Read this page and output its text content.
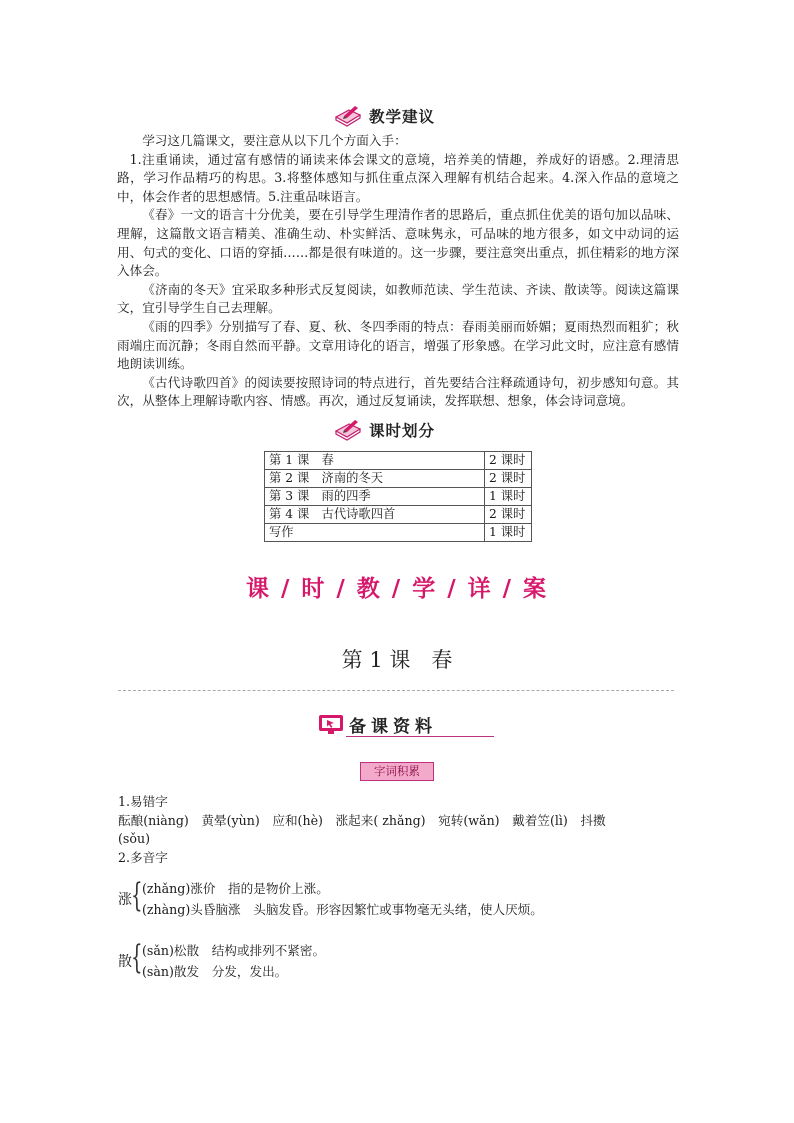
教学建议

学习这几篇课文，要注意从以下几个方面入手：

1.注重诵读，通过富有感情的诵读来体会课文的意境，培养美的情趣，养成好的语感。2.理清思路，学习作品精巧的构思。3.将整体感知与抓住重点深入理解有机结合起来。4.深入作品的意境之中，体会作者的思想感情。5.注重品味语言。

《春》一文的语言十分优美，要在引导学生理清作者的思路后，重点抓住优美的语句加以品味、理解，这篇散文语言精美、准确生动、朴实鲜活、意味隽永，可品味的地方很多，如文中动词的运用、句式的变化、口语的穿插……都是很有味道的。这一步骤，要注意突出重点，抓住精彩的地方深入体会。

《济南的冬天》宜采取多种形式反复阅读，如教师范读、学生范读、齐读、散读等。阅读这篇课文，宜引导学生自己去理解。

《雨的四季》分别描写了春、夏、秋、冬四季雨的特点：春雨美丽而娇媚；夏雨热烈而粗犷；秋雨端庄而沉静；冬雨自然而平静。文章用诗化的语言，增强了形象感。在学习此文时，应注意有感情地朗读训练。

《古代诗歌四首》的阅读要按照诗词的特点进行，首先要结合注释疏通诗句，初步感知句意。其次，从整体上理解诗歌内容、情感。再次，通过反复诵读，发挥联想、想象，体会诗词意境。

课时划分
第 1 课　春	2 课时
第 2 课　济南的冬天	2 课时
第 3 课　雨的四季	1 课时
第 4 课　古代诗歌四首	2 课时
写作	1 课时
课 / 时 / 教 / 学 / 详 / 案
第 1 课　春
备课资料
字词积累
1.易错字
酝酿(niàng)　黄晕(yùn)　应和(hè)　涨起来( zhǎng)　宛转(wǎn)　戴着笠(lì)　抖擞
(sǒu)
2.多音字
涨 { (zhǎng)涨价　指的是物价上涨。
(zhàng)头昏脑涨　头脑发昏。形容因繁忙或事物毫无头绪，使人厌烦。
散 { (sǎn)松散　结构或排列不紧密。
(sàn)散发　分发，发出。
